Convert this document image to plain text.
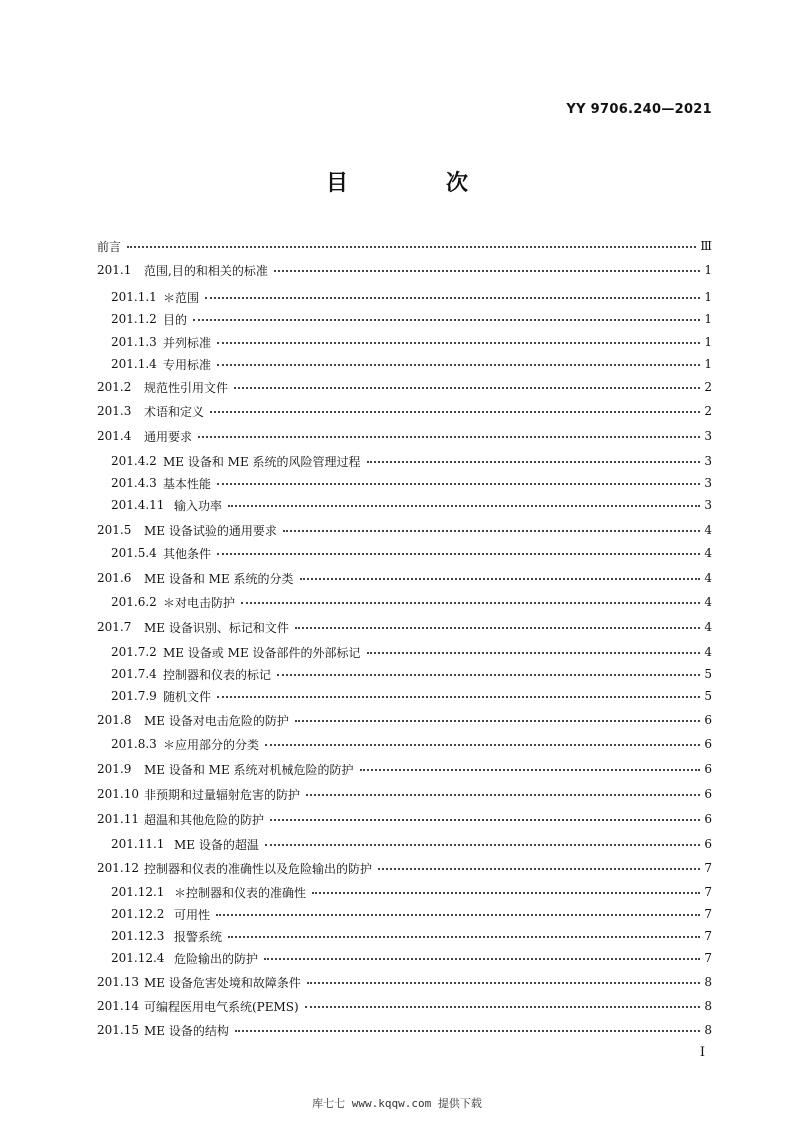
YY 9706.240—2021
目　次
前言	Ⅲ
201.1	范围,目的和相关的标准	1
201.1.1 ＊范围	1
201.1.2 目的	1
201.1.3 并列标准	1
201.1.4 专用标准	1
201.2	规范性引用文件	2
201.3	术语和定义	2
201.4	通用要求	3
201.4.2 ME 设备和 ME 系统的风险管理过程	3
201.4.3 基本性能	3
201.4.11 输入功率	3
201.5	ME 设备试验的通用要求	4
201.5.4 其他条件	4
201.6	ME 设备和 ME 系统的分类	4
201.6.2 ＊对电击防护	4
201.7	ME 设备识别、标记和文件	4
201.7.2 ME 设备或 ME 设备部件的外部标记	4
201.7.4 控制器和仪表的标记	5
201.7.9 随机文件	5
201.8	ME 设备对电击危险的防护	6
201.8.3 ＊应用部分的分类	6
201.9	ME 设备和 ME 系统对机械危险的防护	6
201.10 非预期和过量辐射危害的防护	6
201.11 超温和其他危险的防护	6
201.11.1 ME 设备的超温	6
201.12 控制器和仪表的准确性以及危险输出的防护	7
201.12.1 ＊控制器和仪表的准确性	7
201.12.2 可用性	7
201.12.3 报警系统	7
201.12.4 危险输出的防护	7
201.13 ME 设备危害处境和故障条件	8
201.14 可编程医用电气系统(PEMS)	8
201.15 ME 设备的结构	8
Ⅰ
库七七 www.kqqw.com 提供下载
